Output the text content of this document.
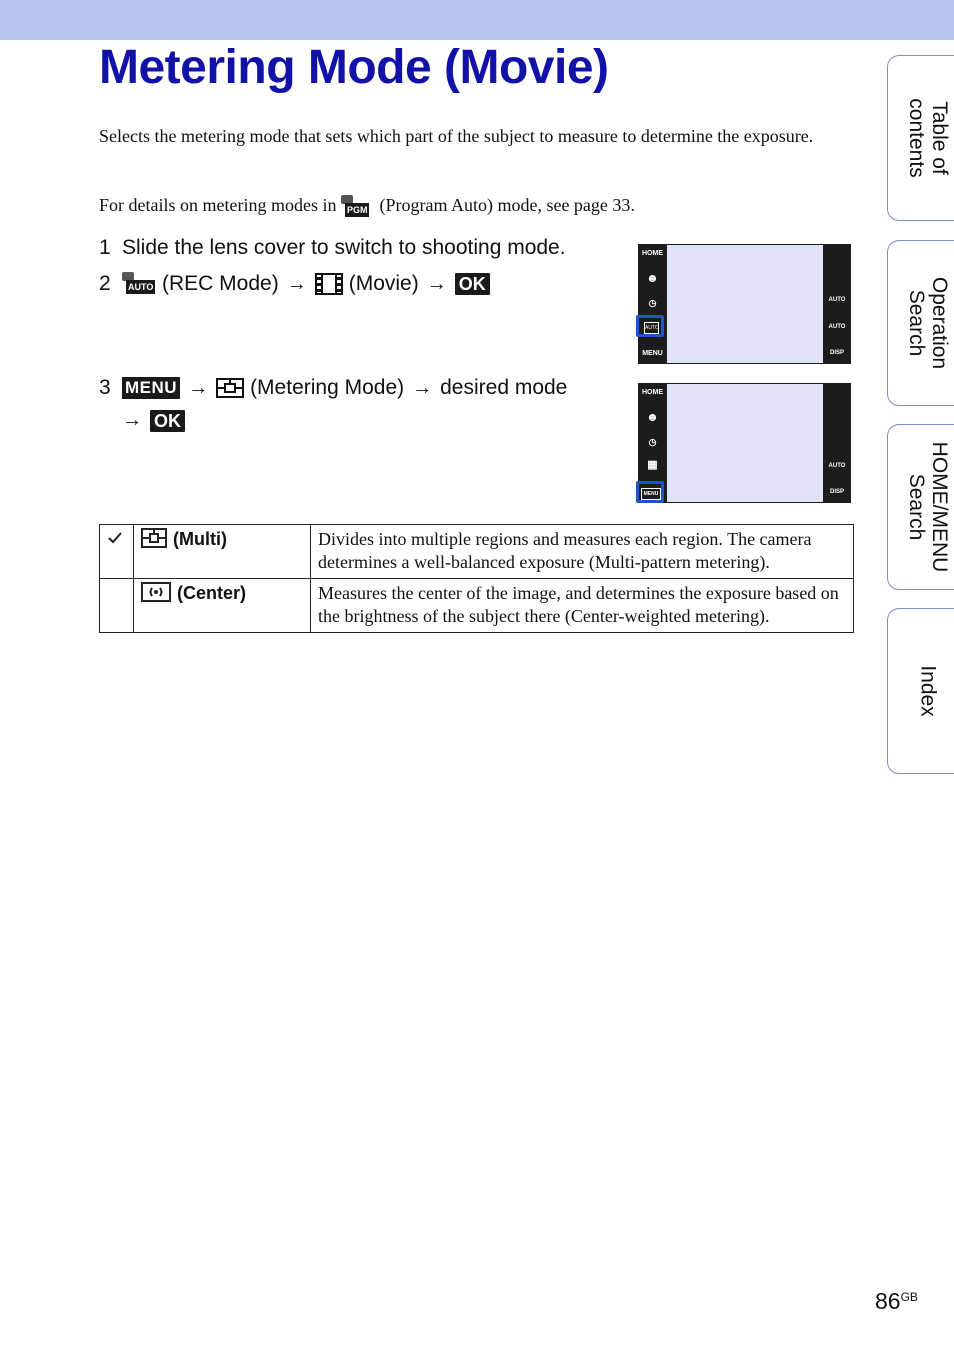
Metering Mode (Movie)
Selects the metering mode that sets which part of the subject to measure to determine the exposure.
For details on metering modes in PGM (Program Auto) mode, see page 33.
1 Slide the lens cover to switch to shooting mode.
2	AUTO (REC Mode) → (Movie) → OK
3 MENU → (Metering Mode) → desired mode
→ OK
HOME
☻
◷
AUTO
MENU
AUTO
AUTO
DISP
HOME
☻
◷
▦
MENU
AUTO
DISP

(Multi)	Divides into multiple regions and measures each region. The camera determines a well-balanced exposure (Multi-pattern metering).

(Center)	Measures the center of the image, and determines the exposure based on the brightness of the subject there (Center-weighted metering).
Table of
contents
Operation
Search
HOME/MENU
Search
Index
$86^{GB}$
